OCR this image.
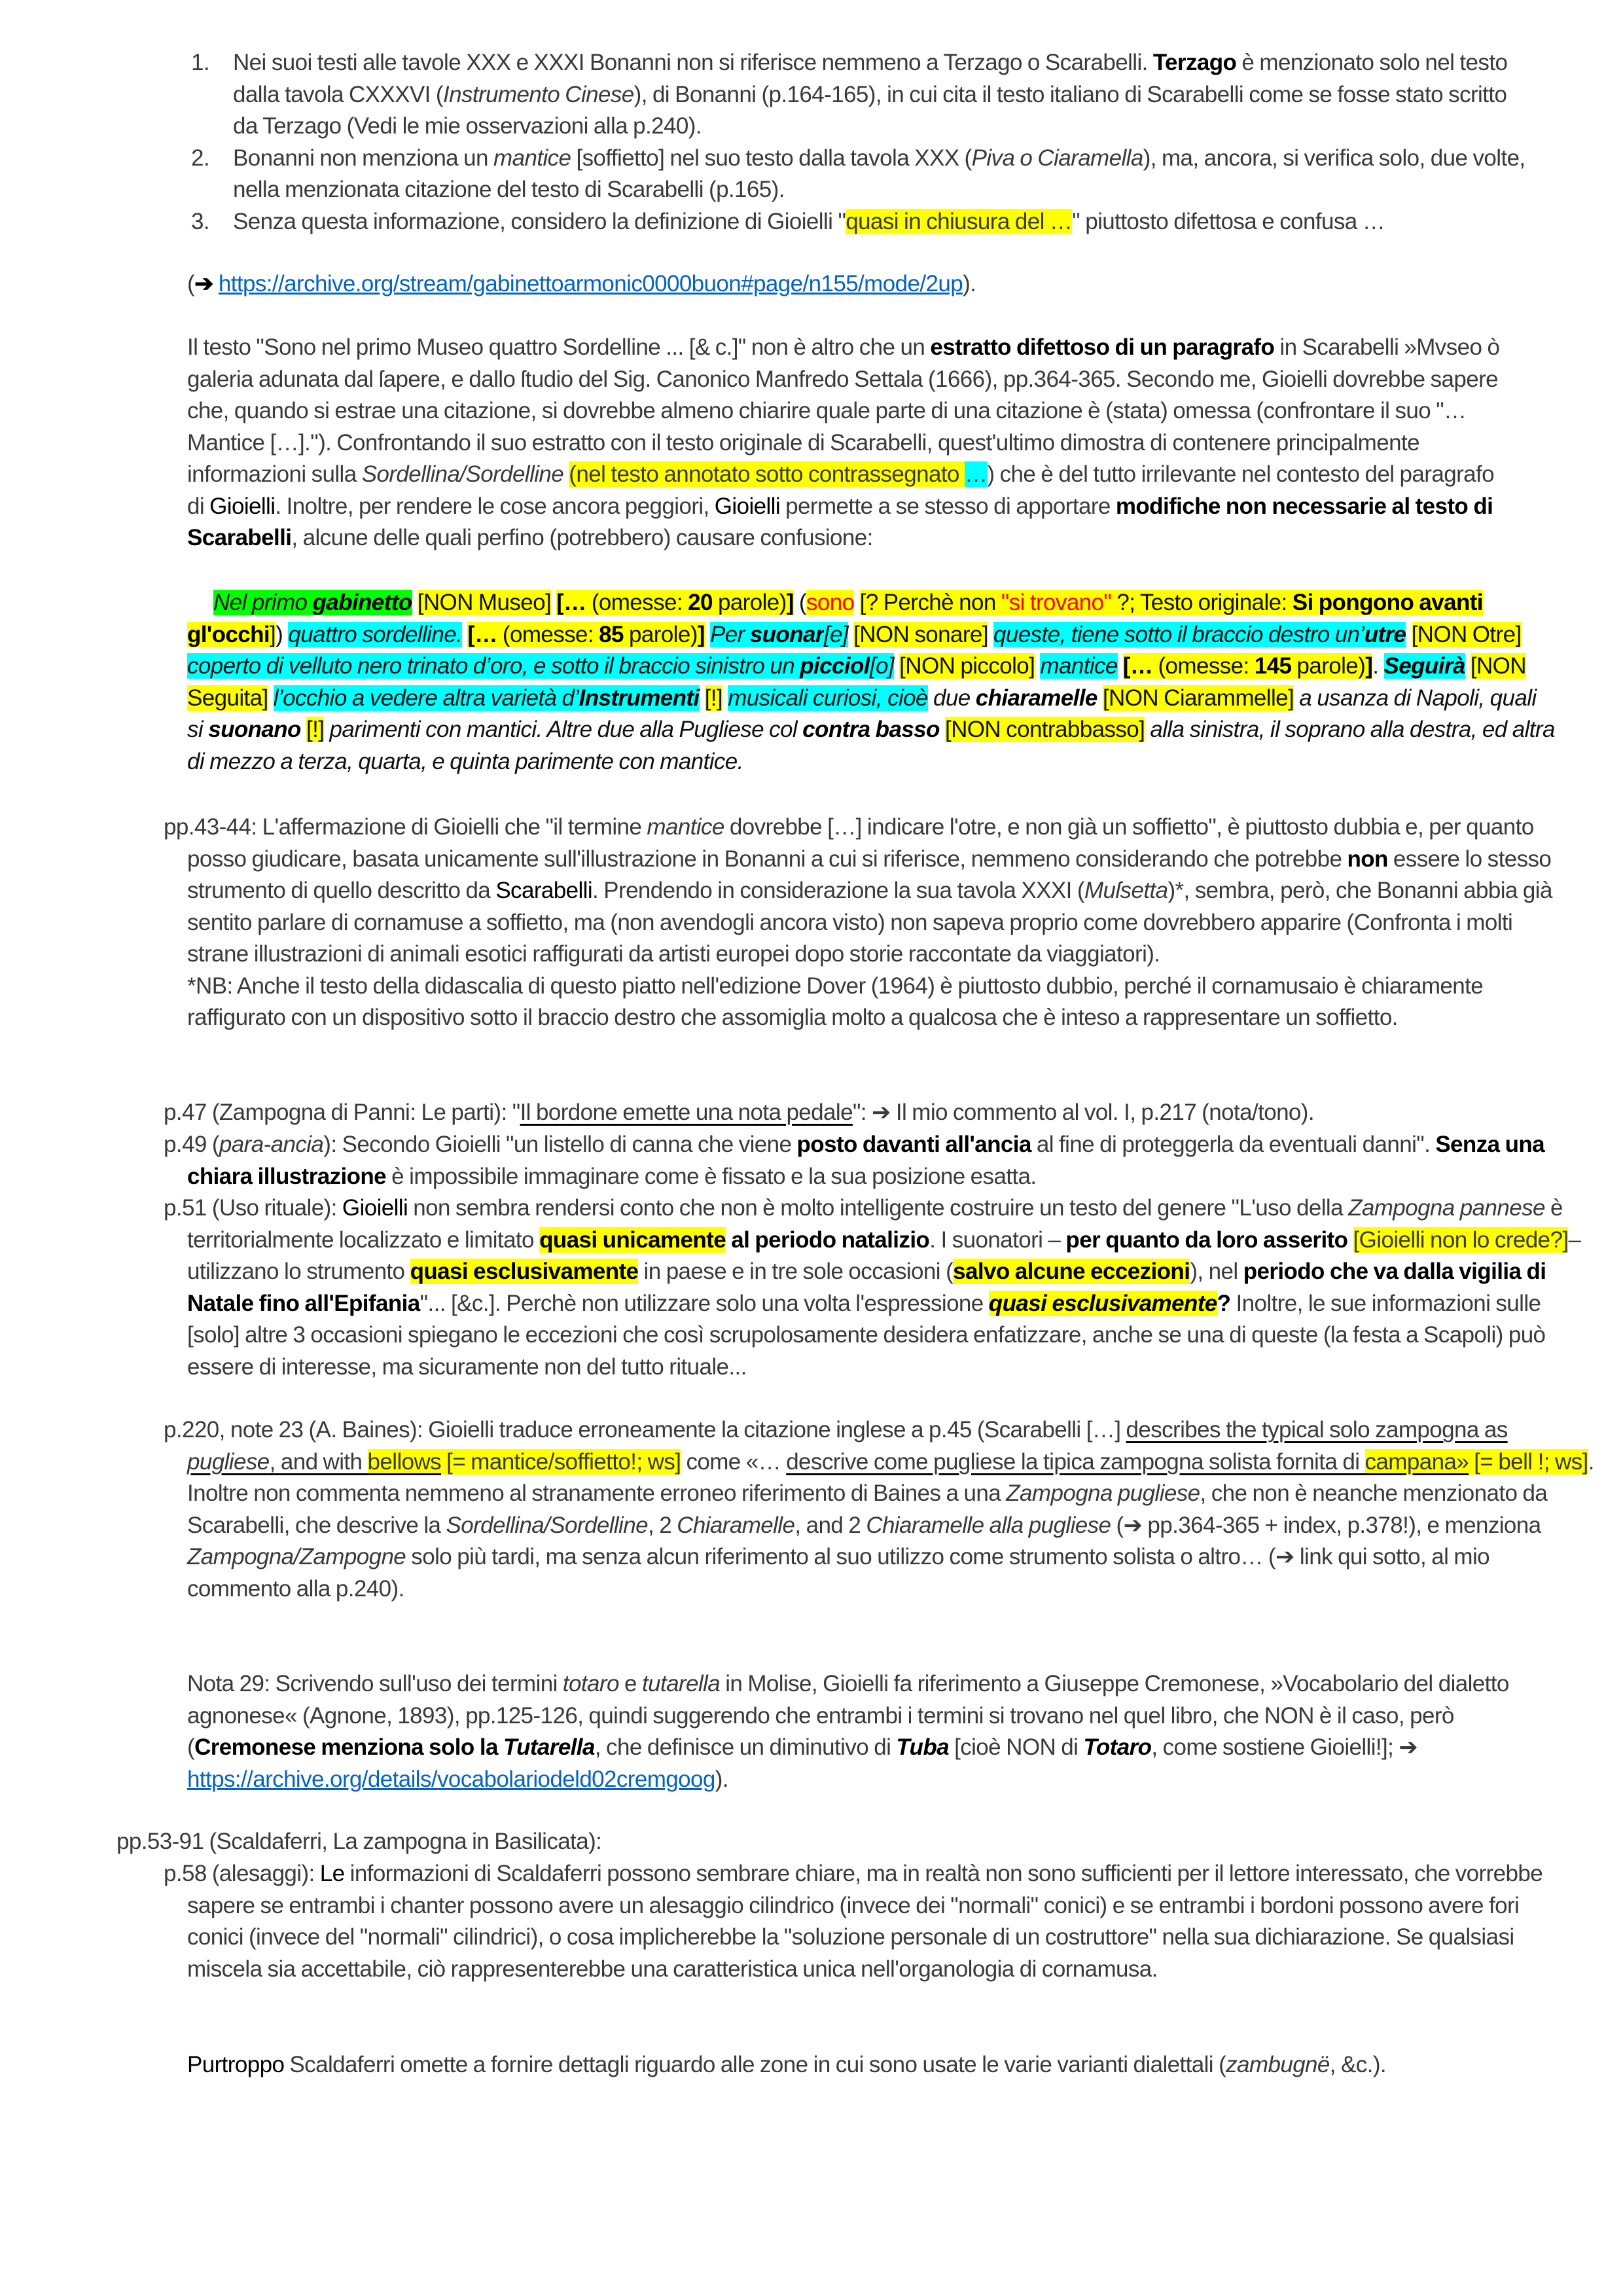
1. Nei suoi testi alle tavole XXX e XXXI Bonanni non si riferisce nemmeno a Terzago o Scarabelli. Terzago è menzionato solo nel testo dalla tavola CXXXVI (Instrumento Cinese), di Bonanni (p.164-165), in cui cita il testo italiano di Scarabelli come se fosse stato scritto da Terzago (Vedi le mie osservazioni alla p.240).
2. Bonanni non menziona un mantice [soffietto] nel suo testo dalla tavola XXX (Piva o Ciaramella), ma, ancora, si verifica solo, due volte, nella menzionata citazione del testo di Scarabelli (p.165).
3. Senza questa informazione, considero la definizione di Gioielli "quasi in chiusura del …" piuttosto difettosa e confusa …
(➔ https://archive.org/stream/gabinettoarmonic0000buon#page/n155/mode/2up).
Il testo "Sono nel primo Museo quattro Sordelline ... [& c.]" non è altro che un estratto difettoso di un paragrafo in Scarabelli »Mvseo ò galeria adunata dal ſapere, e dallo ſtudio del Sig. Canonico Manfredo Settala (1666), pp.364-365. Secondo me, Gioielli dovrebbe sapere che, quando si estrae una citazione, si dovrebbe almeno chiarire quale parte di una citazione è (stata) omessa (confrontare il suo "… Mantice […]."). Confrontando il suo estratto con il testo originale di Scarabelli, quest'ultimo dimostra di contenere principalmente informazioni sulla Sordellina/Sordelline (nel testo annotato sotto contrassegnato …) che è del tutto irrilevante nel contesto del paragrafo di Gioielli. Inoltre, per rendere le cose ancora peggiori, Gioielli permette a se stesso di apportare modifiche non necessarie al testo di Scarabelli, alcune delle quali perfino (potrebbero) causare confusione:
Nel primo gabinetto [NON Museo] [… (omesse: 20 parole)] (sono [? Perchè non "si trovano" ?; Testo originale: Si pongono avanti gl'occhi]) quattro sordelline. [… (omesse: 85 parole)] Per suonar[e] [NON sonare] queste, tiene sotto il braccio destro un’utre [NON Otre] coperto di velluto nero trinato d’oro, e sotto il braccio sinistro un picciol[o] [NON piccolo] mantice [… (omesse: 145 parole)]. Seguirà [NON Seguita] l’occhio a vedere altra varietà d’Instrumenti [!] musicali curiosi, cioè due chiaramelle [NON Ciarammelle] a usanza di Napoli, quali si suonano [!] parimenti con mantici. Altre due alla Pugliese col contra basso [NON contrabbasso] alla sinistra, il soprano alla destra, ed altra di mezzo a terza, quarta, e quinta parimente con mantice.
pp.43-44: L'affermazione di Gioielli che "il termine mantice dovrebbe […] indicare l'otre, e non già un soffietto", è piuttosto dubbia e, per quanto posso giudicare, basata unicamente sull'illustrazione in Bonanni a cui si riferisce, nemmeno considerando che potrebbe non essere lo stesso strumento di quello descritto da Scarabelli. Prendendo in considerazione la sua tavola XXXI (Muſsetta)*, sembra, però, che Bonanni abbia già sentito parlare di cornamuse a soffietto, ma (non avendogli ancora visto) non sapeva proprio come dovrebbero apparire (Confronta i molti strane illustrazioni di animali esotici raffigurati da artisti europei dopo storie raccontate da viaggiatori).
*NB: Anche il testo della didascalia di questo piatto nell'edizione Dover (1964) è piuttosto dubbio, perché il cornamusaio è chiaramente raffigurato con un dispositivo sotto il braccio destro che assomiglia molto a qualcosa che è inteso a rappresentare un soffietto.
p.47 (Zampogna di Panni: Le parti): "Il bordone emette una nota pedale": ➔ Il mio commento al vol. I, p.217 (nota/tono).
p.49 (para-ancia): Secondo Gioielli "un listello di canna che viene posto davanti all'ancia al fine di proteggerla da eventuali danni". Senza una chiara illustrazione è impossibile immaginare come è fissato e la sua posizione esatta.
p.51 (Uso rituale): Gioielli non sembra rendersi conto che non è molto intelligente costruire un testo del genere "L'uso della Zampogna pannese è territorialmente localizzato e limitato quasi unicamente al periodo natalizio. I suonatori – per quanto da loro asserito [Gioielli non lo crede?]– utilizzano lo strumento quasi esclusivamente in paese e in tre sole occasioni (salvo alcune eccezioni), nel periodo che va dalla vigilia di Natale fino all'Epifania"... [&c.]. Perchè non utilizzare solo una volta l'espressione quasi esclusivamente? Inoltre, le sue informazioni sulle [solo] altre 3 occasioni spiegano le eccezioni che così scrupolosamente desidera enfatizzare, anche se una di queste (la festa a Scapoli) può essere di interesse, ma sicuramente non del tutto rituale...
p.220, note 23 (A. Baines): Gioielli traduce erroneamente la citazione inglese a p.45 (Scarabelli […] describes the typical solo zampogna as pugliese, and with bellows [= mantice/soffietto!; ws] come «… descrive come pugliese la tipica zampogna solista fornita di campana» [= bell !; ws]. Inoltre non commenta nemmeno al stranamente erroneo riferimento di Baines a una Zampogna pugliese, che non è neanche menzionato da Scarabelli, che descrive la Sordellina/Sordelline, 2 Chiaramelle, and 2 Chiaramelle alla pugliese (➔ pp.364-365 + index, p.378!), e menziona Zampogna/Zampogne solo più tardi, ma senza alcun riferimento al suo utilizzo come strumento solista o altro… (➔ link qui sotto, al mio commento alla p.240).
Nota 29: Scrivendo sull'uso dei termini totaro e tutarella in Molise, Gioielli fa riferimento a Giuseppe Cremonese, »Vocabolario del dialetto agnonese« (Agnone, 1893), pp.125-126, quindi suggerendo che entrambi i termini si trovano nel quel libro, che NON è il caso, però (Cremonese menziona solo la Tutarella, che definisce un diminutivo di Tuba [cioè NON di Totaro, come sostiene Gioielli!]; ➔ https://archive.org/details/vocabolariodeld02cremgoog).
pp.53-91 (Scaldaferri, La zampogna in Basilicata):
p.58 (alesaggi): Le informazioni di Scaldaferri possono sembrare chiare, ma in realtà non sono sufficienti per il lettore interessato, che vorrebbe sapere se entrambi i chanter possono avere un alesaggio cilindrico (invece dei "normali" conici) e se entrambi i bordoni possono avere fori conici (invece del "normali" cilindrici), o cosa implicherebbe la "soluzione personale di un costruttore" nella sua dichiarazione. Se qualsiasi miscela sia accettabile, ciò rappresenterebbe una caratteristica unica nell'organologia di cornamusa.
Purtroppo Scaldaferri omette a fornire dettagli riguardo alle zone in cui sono usate le varie varianti dialettali (zambugnë, &c.).
